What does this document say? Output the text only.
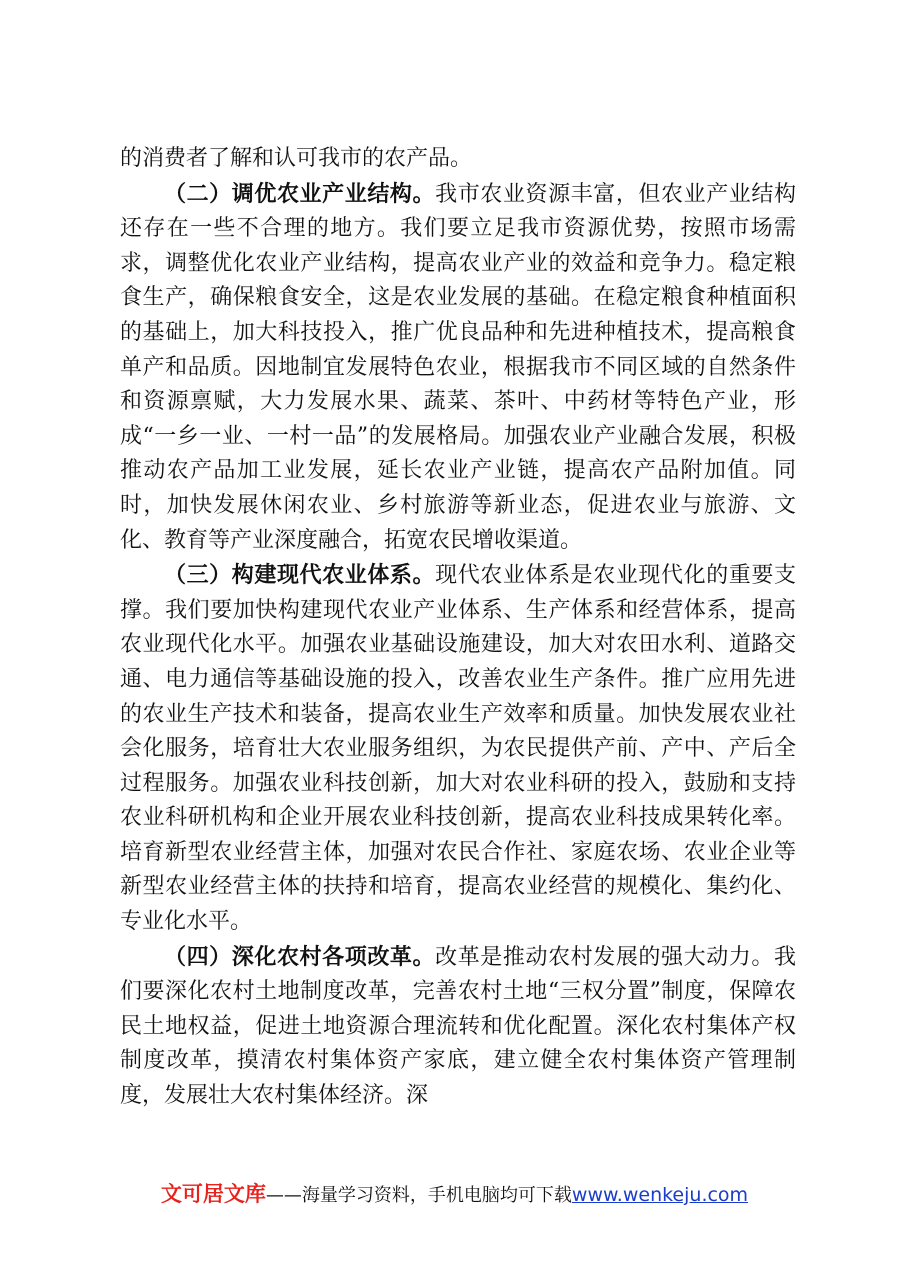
的消费者了解和认可我市的农产品。

（二）调优农业产业结构。我市农业资源丰富，但农业产业结构还存在一些不合理的地方。我们要立足我市资源优势，按照市场需求，调整优化农业产业结构，提高农业产业的效益和竞争力。稳定粮食生产，确保粮食安全，这是农业发展的基础。在稳定粮食种植面积的基础上，加大科技投入，推广优良品种和先进种植技术，提高粮食单产和品质。因地制宜发展特色农业，根据我市不同区域的自然条件和资源禀赋，大力发展水果、蔬菜、茶叶、中药材等特色产业，形成“一乡一业、一村一品”的发展格局。加强农业产业融合发展，积极推动农产品加工业发展，延长农业产业链，提高农产品附加值。同时，加快发展休闲农业、乡村旅游等新业态，促进农业与旅游、文化、教育等产业深度融合，拓宽农民增收渠道。

（三）构建现代农业体系。现代农业体系是农业现代化的重要支撑。我们要加快构建现代农业产业体系、生产体系和经营体系，提高农业现代化水平。加强农业基础设施建设，加大对农田水利、道路交通、电力通信等基础设施的投入，改善农业生产条件。推广应用先进的农业生产技术和装备，提高农业生产效率和质量。加快发展农业社会化服务，培育壮大农业服务组织，为农民提供产前、产中、产后全过程服务。加强农业科技创新，加大对农业科研的投入，鼓励和支持农业科研机构和企业开展农业科技创新，提高农业科技成果转化率。培育新型农业经营主体，加强对农民合作社、家庭农场、农业企业等新型农业经营主体的扶持和培育，提高农业经营的规模化、集约化、专业化水平。

（四）深化农村各项改革。改革是推动农村发展的强大动力。我们要深化农村土地制度改革，完善农村土地“三权分置”制度，保障农民土地权益，促进土地资源合理流转和优化配置。深化农村集体产权制度改革，摸清农村集体资产家底，建立健全农村集体资产管理制度，发展壮大农村集体经济。深

文可居文库——海量学习资料，手机电脑均可下载www.wenkeju.com
